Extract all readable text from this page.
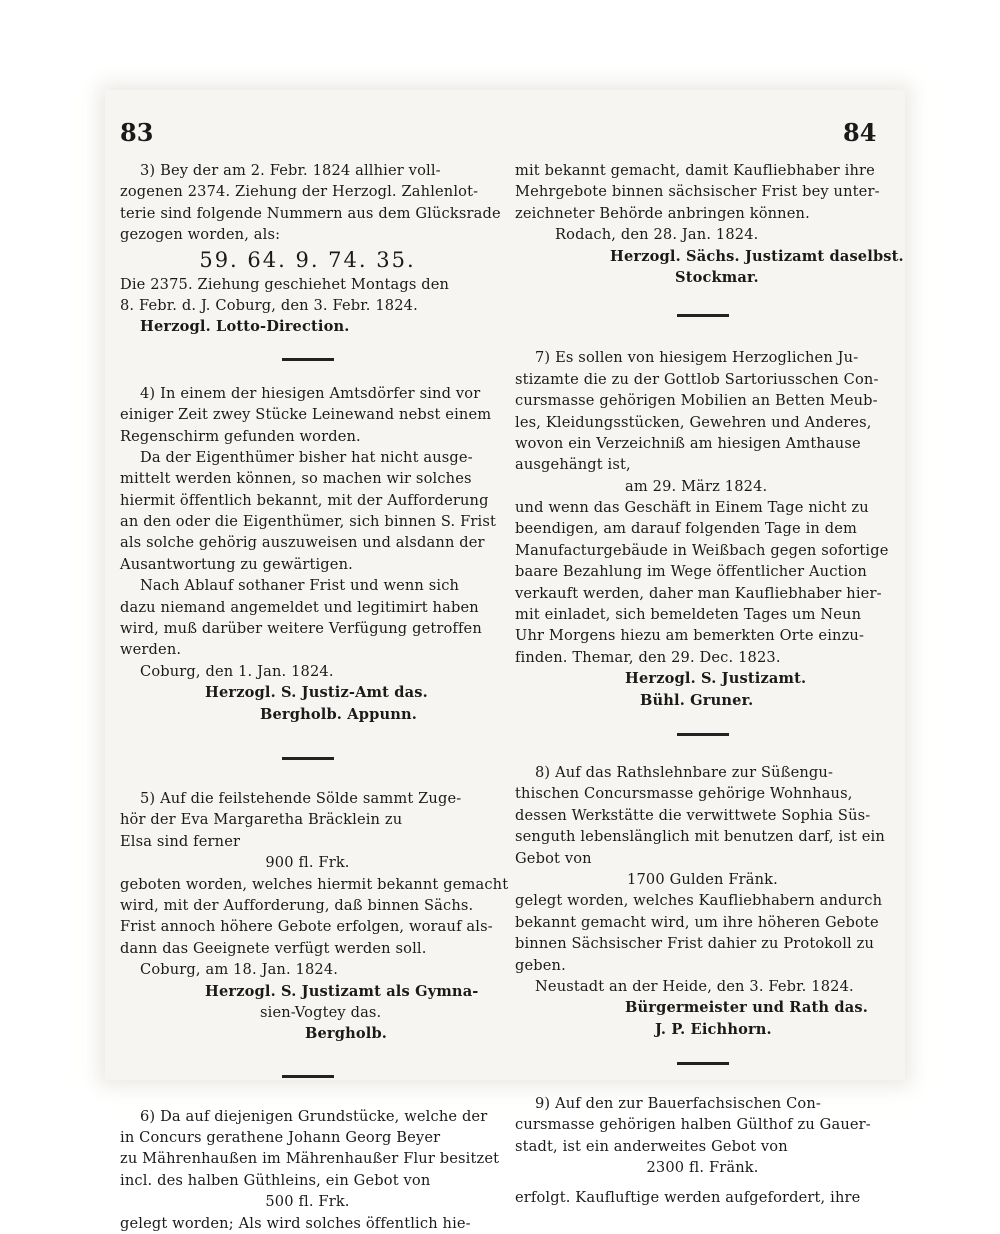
83	84
3) Bey der am 2. Febr. 1824 allhier voll-
zogenen 2374. Ziehung der Herzogl. Zahlenlot-
terie sind folgende Nummern aus dem Glücksrade
gezogen worden, als:
59. 64. 9. 74. 35.
Die 2375. Ziehung geschiehet Montags den
8. Febr. d. J. Coburg, den 3. Febr. 1824.
Herzogl. Lotto-Direction.
4) In einem der hiesigen Amtsdörfer sind vor
einiger Zeit zwey Stücke Leinewand nebst einem
Regenschirm gefunden worden.
Da der Eigenthümer bisher hat nicht ausge-
mittelt werden können, so machen wir solches
hiermit öffentlich bekannt, mit der Aufforderung
an den oder die Eigenthümer, sich binnen S. Frist
als solche gehörig auszuweisen und alsdann der
Ausantwortung zu gewärtigen.
Nach Ablauf sothaner Frist und wenn sich
dazu niemand angemeldet und legitimirt haben
wird, muß darüber weitere Verfügung getroffen
werden.
Coburg, den 1. Jan. 1824.
Herzogl. S. Justiz-Amt das.
Bergholb. Appunn.
5) Auf die feilstehende Sölde sammt Zuge-
hör der Eva Margaretha Bräcklein zu
Elsa sind ferner
900 fl. Frk.
geboten worden, welches hiermit bekannt gemacht
wird, mit der Aufforderung, daß binnen Sächs.
Frist annoch höhere Gebote erfolgen, worauf als-
dann das Geeignete verfügt werden soll.
Coburg, am 18. Jan. 1824.
Herzogl. S. Justizamt als Gymna-
sien-Vogtey das.
Bergholb.
6) Da auf diejenigen Grundstücke, welche der
in Concurs gerathene Johann Georg Beyer
zu Mährenhaußen im Mährenhaußer Flur besitzet
incl. des halben Güthleins, ein Gebot von
500 fl. Frk.
gelegt worden; Als wird solches öffentlich hie-
mit bekannt gemacht, damit Kaufliebhaber ihre
Mehrgebote binnen sächsischer Frist bey unter-
zeichneter Behörde anbringen können.
Rodach, den 28. Jan. 1824.
Herzogl. Sächs. Justizamt daselbst.
Stockmar.
7) Es sollen von hiesigem Herzoglichen Ju-
stizamte die zu der Gottlob Sartoriusschen Con-
cursmasse gehörigen Mobilien an Betten Meub-
les, Kleidungsstücken, Gewehren und Anderes,
wovon ein Verzeichniß am hiesigen Amthause
ausgehängt ist,
am 29. März 1824.
und wenn das Geschäft in Einem Tage nicht zu
beendigen, am darauf folgenden Tage in dem
Manufacturgebäude in Weißbach gegen sofortige
baare Bezahlung im Wege öffentlicher Auction
verkauft werden, daher man Kaufliebhaber hier-
mit einladet, sich bemeldeten Tages um Neun
Uhr Morgens hiezu am bemerkten Orte einzu-
finden. Themar, den 29. Dec. 1823.
Herzogl. S. Justizamt.
Bühl. Gruner.
8) Auf das Rathslehnbare zur Süßengu-
thischen Concursmasse gehörige Wohnhaus,
dessen Werkstätte die verwittwete Sophia Süs-
senguth lebenslänglich mit benutzen darf, ist ein
Gebot von
1700 Gulden Fränk.
gelegt worden, welches Kaufliebhabern andurch
bekannt gemacht wird, um ihre höheren Gebote
binnen Sächsischer Frist dahier zu Protokoll zu
geben.
Neustadt an der Heide, den 3. Febr. 1824.
Bürgermeister und Rath das.
J. P. Eichhorn.
9) Auf den zur Bauerfachsischen Con-
cursmasse gehörigen halben Gülthof zu Gauer-
stadt, ist ein anderweites Gebot von
2300 fl. Fränk.
erfolgt. Kaufluftige werden aufgefordert, ihre
